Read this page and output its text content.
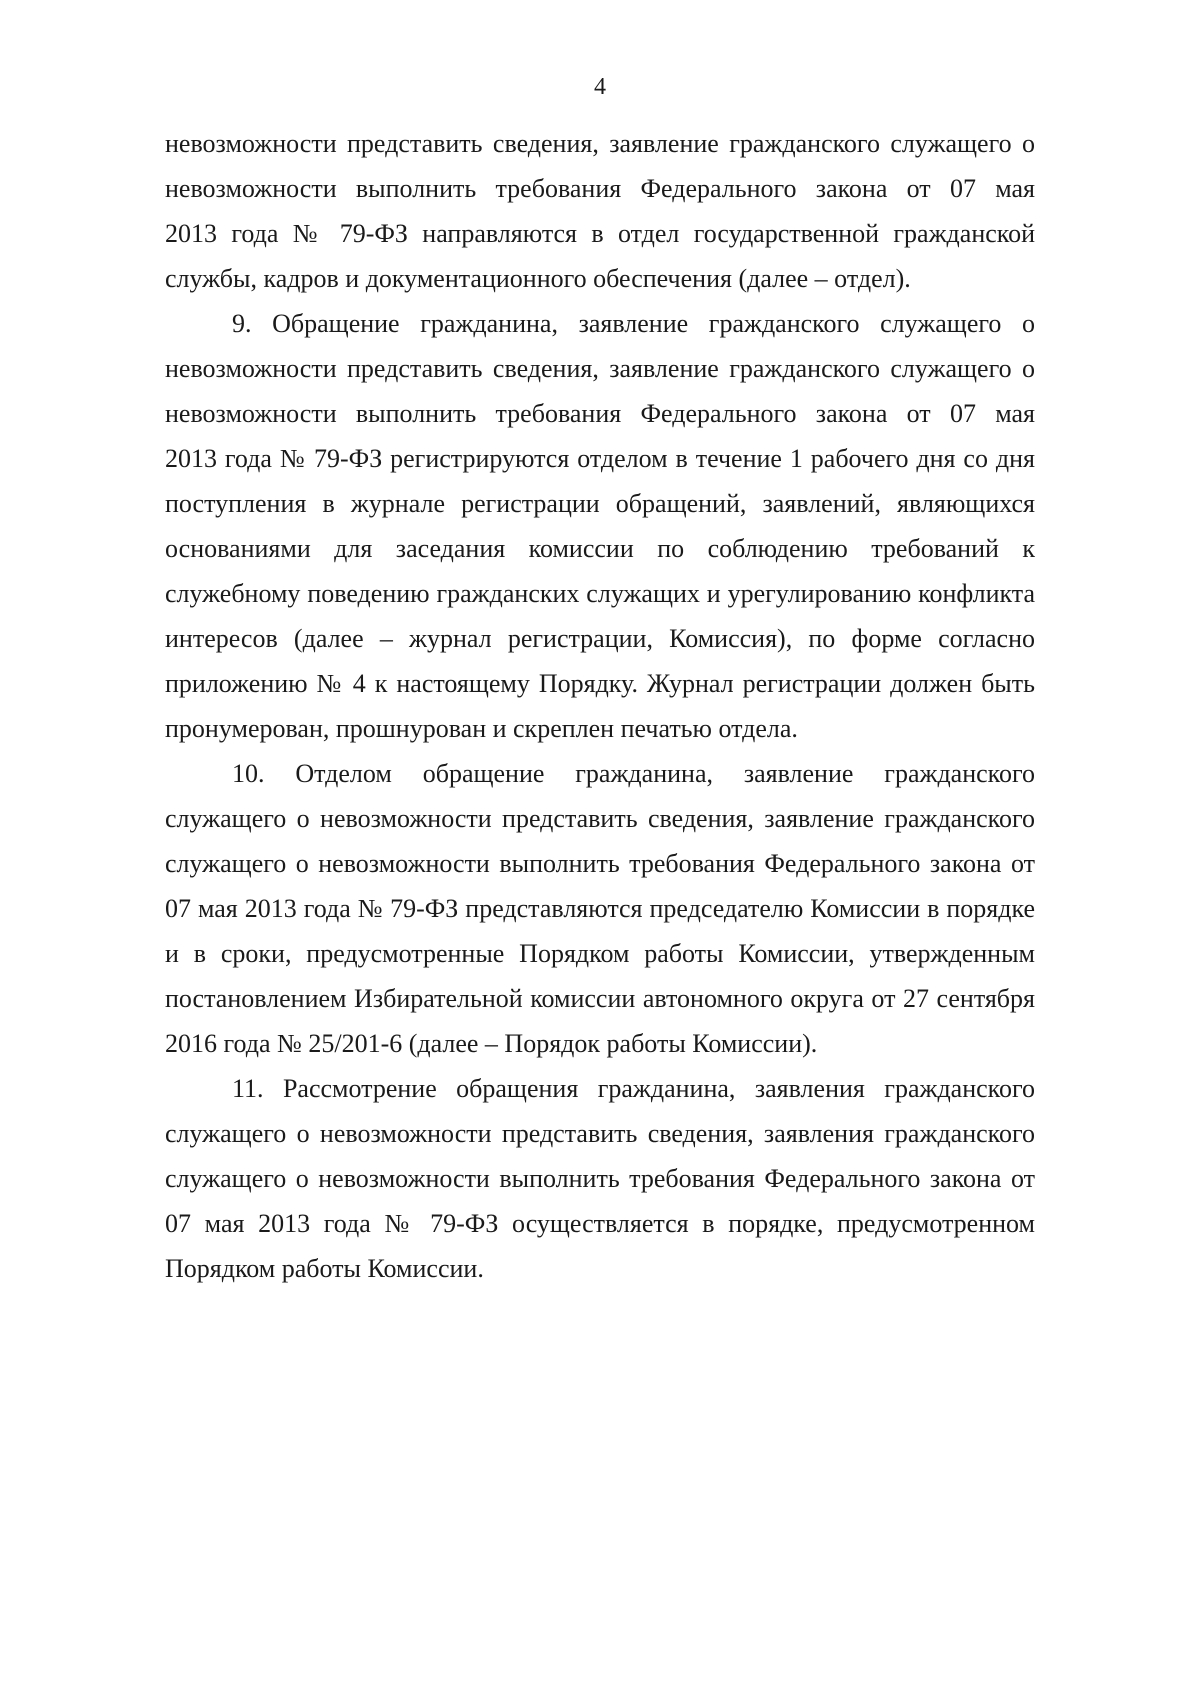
4
невозможности представить сведения, заявление гражданского служащего о
невозможности выполнить требования Федерального закона от 07 мая
2013 года № 79-ФЗ направляются в отдел государственной гражданской
службы, кадров и документационного обеспечения (далее – отдел).
9. Обращение гражданина, заявление гражданского служащего о
невозможности представить сведения, заявление гражданского служащего о
невозможности выполнить требования Федерального закона от 07 мая
2013 года № 79-ФЗ регистрируются отделом в течение 1 рабочего дня со дня
поступления в журнале регистрации обращений, заявлений, являющихся
основаниями для заседания комиссии по соблюдению требований к
служебному поведению гражданских служащих и урегулированию конфликта
интересов (далее – журнал регистрации, Комиссия), по форме согласно
приложению № 4 к настоящему Порядку. Журнал регистрации должен быть
пронумерован, прошнурован и скреплен печатью отдела.
10. Отделом обращение гражданина, заявление гражданского
служащего о невозможности представить сведения, заявление гражданского
служащего о невозможности выполнить требования Федерального закона от
07 мая 2013 года № 79-ФЗ представляются председателю Комиссии в порядке
и в сроки, предусмотренные Порядком работы Комиссии, утвержденным
постановлением Избирательной комиссии автономного округа от 27 сентября
2016 года № 25/201-6 (далее – Порядок работы Комиссии).
11. Рассмотрение обращения гражданина, заявления гражданского
служащего о невозможности представить сведения, заявления гражданского
служащего о невозможности выполнить требования Федерального закона от
07 мая 2013 года № 79-ФЗ осуществляется в порядке, предусмотренном
Порядком работы Комиссии.
